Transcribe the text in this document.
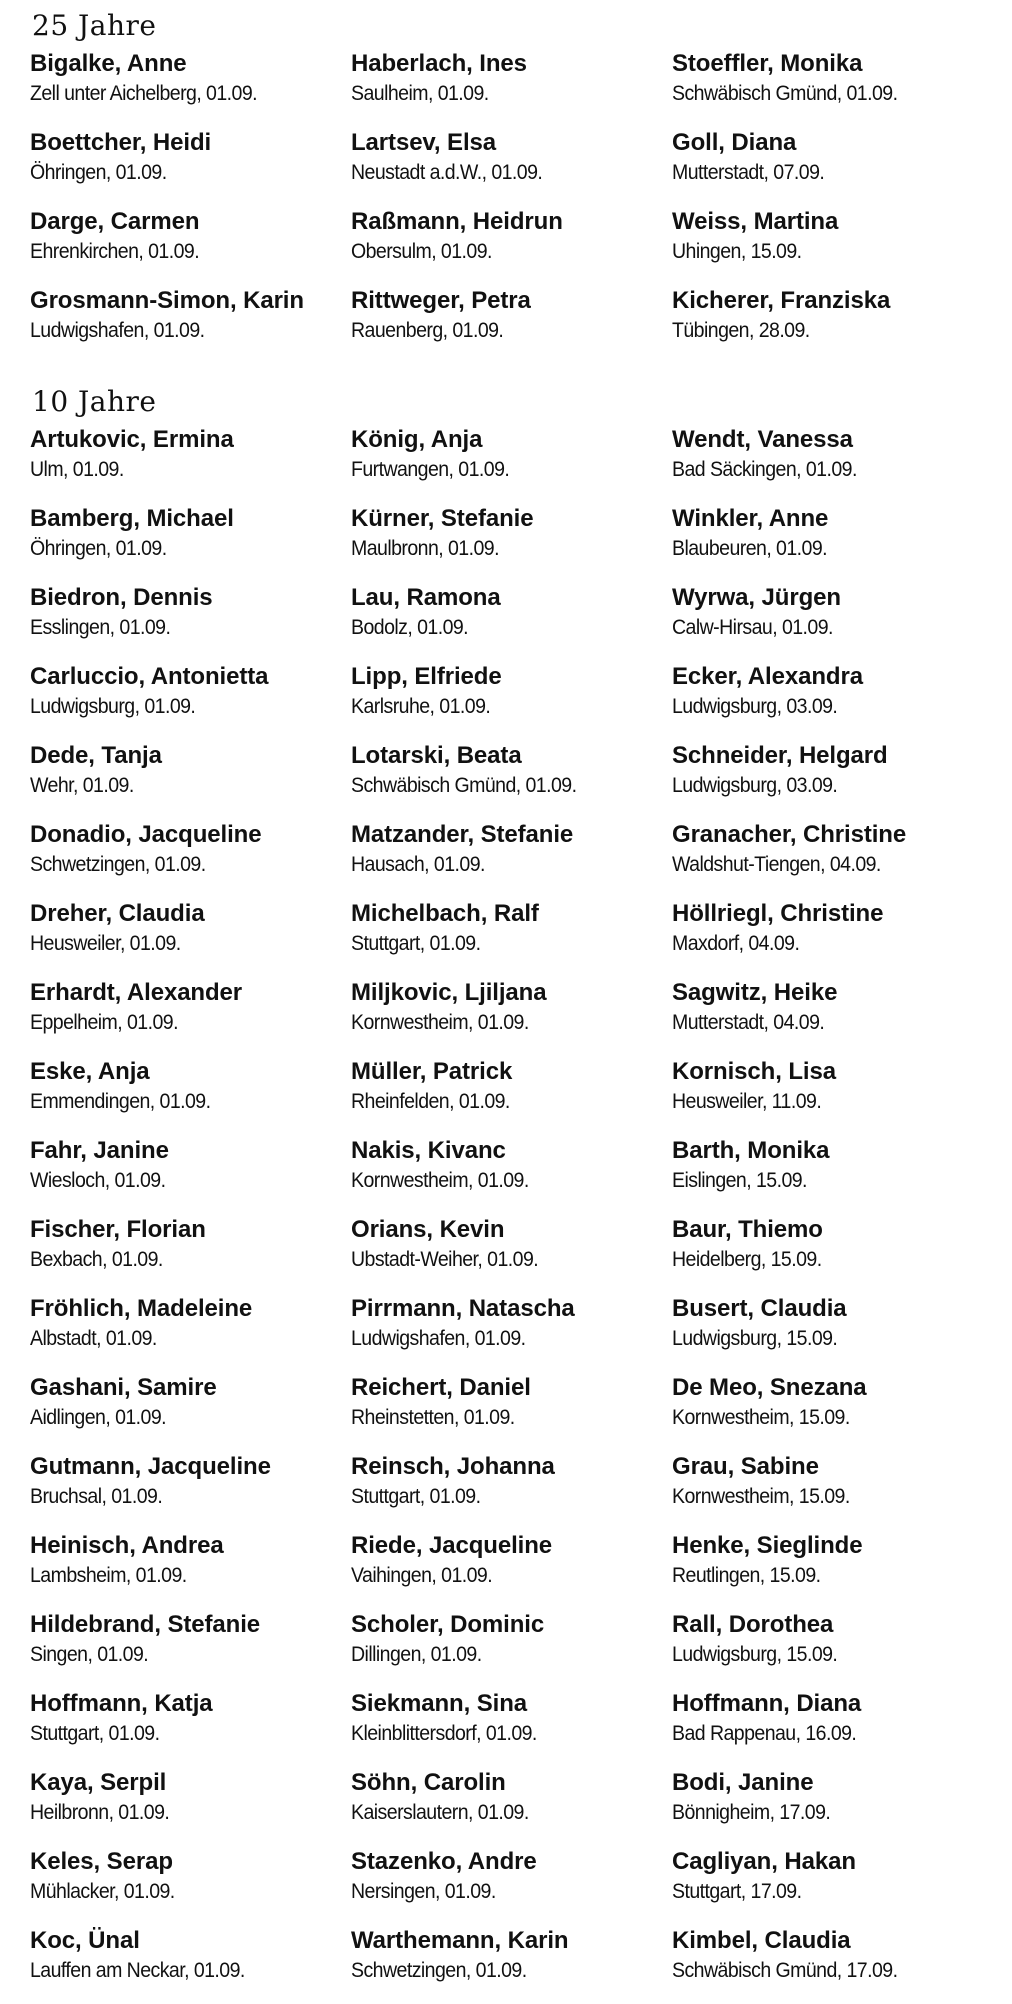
25 Jahre
Bigalke, Anne
Zell unter Aichelberg, 01.09.
Boettcher, Heidi
Öhringen, 01.09.
Darge, Carmen
Ehrenkirchen, 01.09.
Grosmann-Simon, Karin
Ludwigshafen, 01.09.
Haberlach, Ines
Saulheim, 01.09.
Lartsev, Elsa
Neustadt a.d.W., 01.09.
Raßmann, Heidrun
Obersulm, 01.09.
Rittweger, Petra
Rauenberg, 01.09.
Stoeffler, Monika
Schwäbisch Gmünd, 01.09.
Goll, Diana
Mutterstadt, 07.09.
Weiss, Martina
Uhingen, 15.09.
Kicherer, Franziska
Tübingen, 28.09.
10 Jahre
Artukovic, Ermina
Ulm, 01.09.
Bamberg, Michael
Öhringen, 01.09.
Biedron, Dennis
Esslingen, 01.09.
Carluccio, Antonietta
Ludwigsburg, 01.09.
Dede, Tanja
Wehr, 01.09.
Donadio, Jacqueline
Schwetzingen, 01.09.
Dreher, Claudia
Heusweiler, 01.09.
Erhardt, Alexander
Eppelheim, 01.09.
Eske, Anja
Emmendingen, 01.09.
Fahr, Janine
Wiesloch, 01.09.
Fischer, Florian
Bexbach, 01.09.
Fröhlich, Madeleine
Albstadt, 01.09.
Gashani, Samire
Aidlingen, 01.09.
Gutmann, Jacqueline
Bruchsal, 01.09.
Heinisch, Andrea
Lambsheim, 01.09.
Hildebrand, Stefanie
Singen, 01.09.
Hoffmann, Katja
Stuttgart, 01.09.
Kaya, Serpil
Heilbronn, 01.09.
Keles, Serap
Mühlacker, 01.09.
Koc, Ünal
Lauffen am Neckar, 01.09.
König, Anja
Furtwangen, 01.09.
Kürner, Stefanie
Maulbronn, 01.09.
Lau, Ramona
Bodolz, 01.09.
Lipp, Elfriede
Karlsruhe, 01.09.
Lotarski, Beata
Schwäbisch Gmünd, 01.09.
Matzander, Stefanie
Hausach, 01.09.
Michelbach, Ralf
Stuttgart, 01.09.
Miljkovic, Ljiljana
Kornwestheim, 01.09.
Müller, Patrick
Rheinfelden, 01.09.
Nakis, Kivanc
Kornwestheim, 01.09.
Orians, Kevin
Ubstadt-Weiher, 01.09.
Pirrmann, Natascha
Ludwigshafen, 01.09.
Reichert, Daniel
Rheinstetten, 01.09.
Reinsch, Johanna
Stuttgart, 01.09.
Riede, Jacqueline
Vaihingen, 01.09.
Scholer, Dominic
Dillingen, 01.09.
Siekmann, Sina
Kleinblittersdorf, 01.09.
Söhn, Carolin
Kaiserslautern, 01.09.
Stazenko, Andre
Nersingen, 01.09.
Warthemann, Karin
Schwetzingen, 01.09.
Wendt, Vanessa
Bad Säckingen, 01.09.
Winkler, Anne
Blaubeuren, 01.09.
Wyrwa, Jürgen
Calw-Hirsau, 01.09.
Ecker, Alexandra
Ludwigsburg, 03.09.
Schneider, Helgard
Ludwigsburg, 03.09.
Granacher, Christine
Waldshut-Tiengen, 04.09.
Höllriegl, Christine
Maxdorf, 04.09.
Sagwitz, Heike
Mutterstadt, 04.09.
Kornisch, Lisa
Heusweiler, 11.09.
Barth, Monika
Eislingen, 15.09.
Baur, Thiemo
Heidelberg, 15.09.
Busert, Claudia
Ludwigsburg, 15.09.
De Meo, Snezana
Kornwestheim, 15.09.
Grau, Sabine
Kornwestheim, 15.09.
Henke, Sieglinde
Reutlingen, 15.09.
Rall, Dorothea
Ludwigsburg, 15.09.
Hoffmann, Diana
Bad Rappenau, 16.09.
Bodi, Janine
Bönnigheim, 17.09.
Cagliyan, Hakan
Stuttgart, 17.09.
Kimbel, Claudia
Schwäbisch Gmünd, 17.09.
